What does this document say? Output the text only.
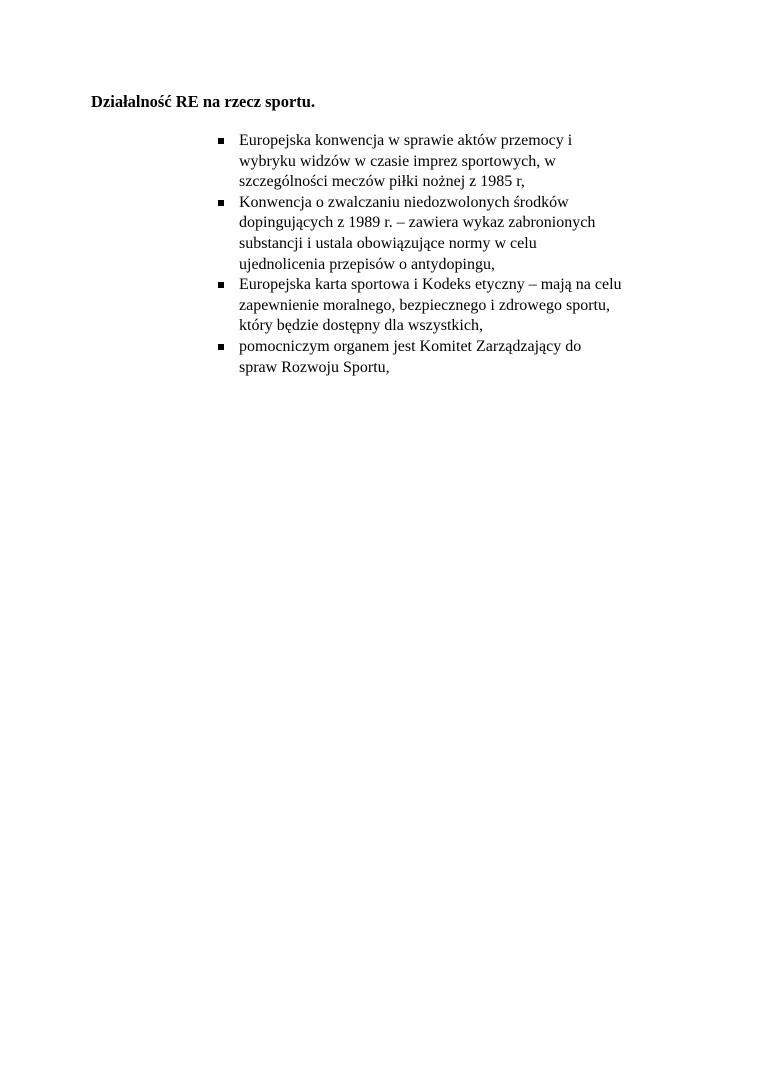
Działalność RE na rzecz sportu.
Europejska konwencja w sprawie aktów przemocy i
wybryku widzów w czasie imprez sportowych, w
szczególności meczów piłki nożnej z 1985 r,
Konwencja o zwalczaniu niedozwolonych środków
dopingujących z 1989 r. – zawiera wykaz zabronionych
substancji i ustala obowiązujące normy w celu
ujednolicenia przepisów o antydopingu,
Europejska karta sportowa i Kodeks etyczny – mają na celu
zapewnienie moralnego, bezpiecznego i zdrowego sportu,
który będzie dostępny dla wszystkich,
pomocniczym organem jest Komitet Zarządzający do
spraw Rozwoju Sportu,
